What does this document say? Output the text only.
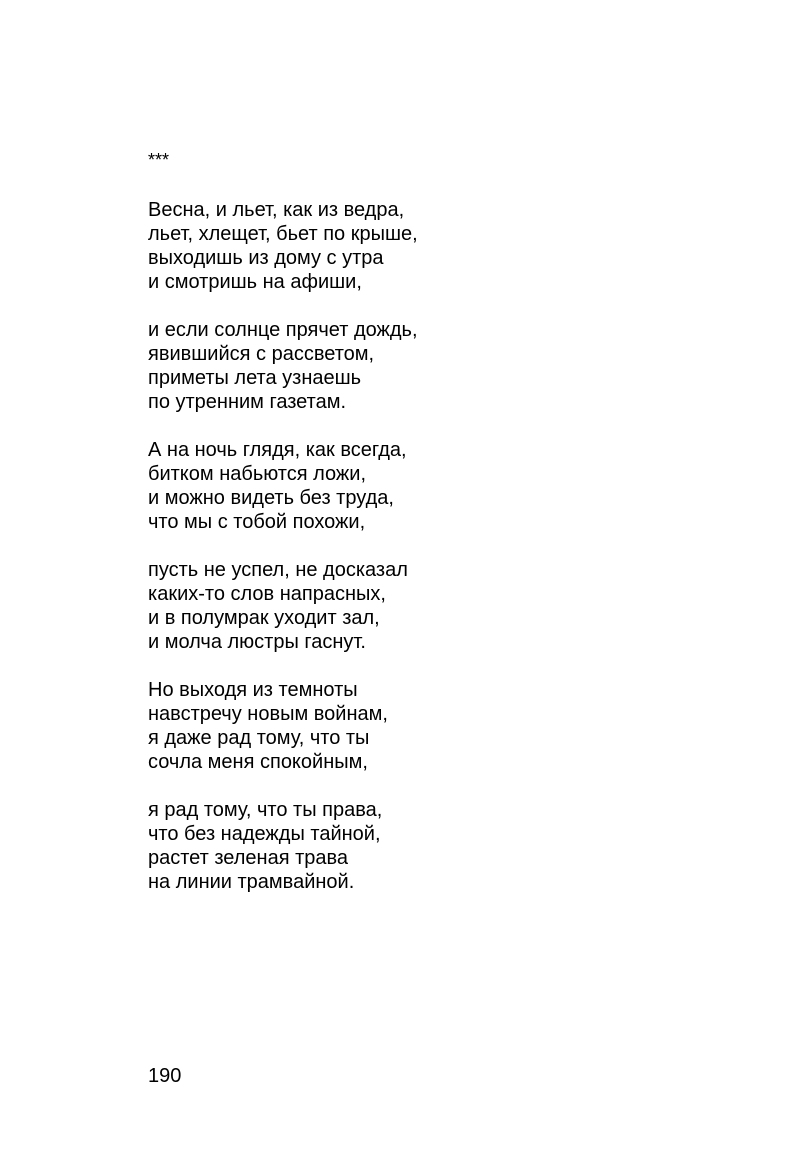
***

Весна, и льет, как из ведра,
льет, хлещет, бьет по крыше,
выходишь из дому с утра
и смотришь на афиши,
и если солнце прячет дождь,
явившийся с рассветом,
приметы лета узнаешь
по утренним газетам.
А на ночь глядя, как всегда,
битком набьются ложи,
и можно видеть без труда,
что мы с тобой похожи,
пусть не успел, не досказал
каких-то слов напрасных,
и в полумрак уходит зал,
и молча люстры гаснут.
Но выходя из темноты
навстречу новым войнам,
я даже рад тому, что ты
сочла меня спокойным,
я рад тому, что ты права,
что без надежды тайной,
растет зеленая трава
на линии трамвайной.

190
